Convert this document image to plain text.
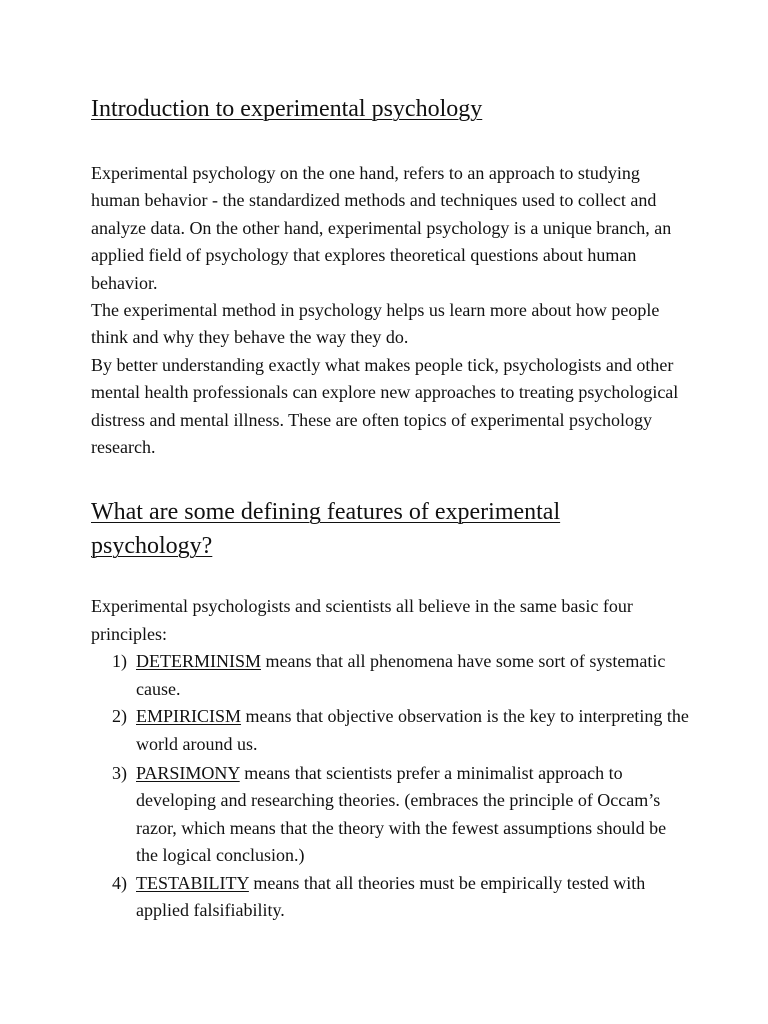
Introduction to experimental psychology

Experimental psychology on the one hand, refers to an approach to studying human behavior - the standardized methods and techniques used to collect and analyze data. On the other hand, experimental psychology is a unique branch, an applied field of psychology that explores theoretical questions about human behavior.

The experimental method in psychology helps us learn more about how people think and why they behave the way they do.

By better understanding exactly what makes people tick, psychologists and other mental health professionals can explore new approaches to treating psychological distress and mental illness. These are often topics of experimental psychology research.

What are some defining features of experimental psychology?

Experimental psychologists and scientists all believe in the same basic four principles:

1) DETERMINISM means that all phenomena have some sort of systematic cause.
2) EMPIRICISM means that objective observation is the key to interpreting the world around us.
3) PARSIMONY means that scientists prefer a minimalist approach to developing and researching theories. (embraces the principle of Occam’s razor, which means that the theory with the fewest assumptions should be the logical conclusion.)
4) TESTABILITY means that all theories must be empirically tested with applied falsifiability.
